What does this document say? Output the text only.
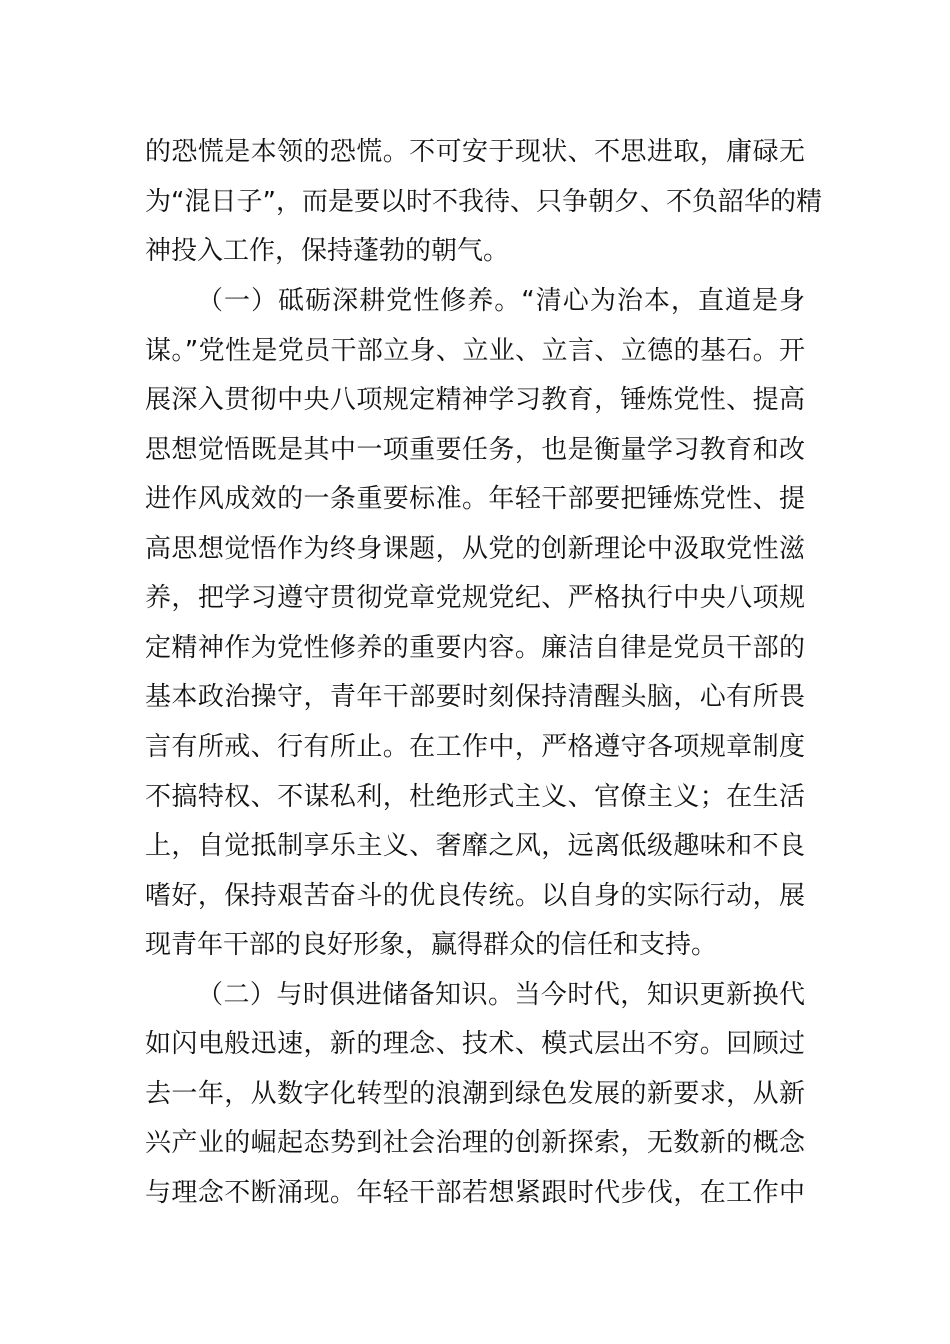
的恐慌是本领的恐慌。不可安于现状、不思进取，庸碌无
为“混日子”，而是要以时不我待、只争朝夕、不负韶华的精
神投入工作，保持蓬勃的朝气。
（一）砥砺深耕党性修养。“清心为治本，直道是身
谋。”党性是党员干部立身、立业、立言、立德的基石。开
展深入贯彻中央八项规定精神学习教育，锤炼党性、提高
思想觉悟既是其中一项重要任务，也是衡量学习教育和改
进作风成效的一条重要标准。年轻干部要把锤炼党性、提
高思想觉悟作为终身课题，从党的创新理论中汲取党性滋
养，把学习遵守贯彻党章党规党纪、严格执行中央八项规
定精神作为党性修养的重要内容。廉洁自律是党员干部的
基本政治操守，青年干部要时刻保持清醒头脑，心有所畏
言有所戒、行有所止。在工作中，严格遵守各项规章制度
不搞特权、不谋私利，杜绝形式主义、官僚主义；在生活
上，自觉抵制享乐主义、奢靡之风，远离低级趣味和不良
嗜好，保持艰苦奋斗的优良传统。以自身的实际行动，展
现青年干部的良好形象，赢得群众的信任和支持。
（二）与时俱进储备知识。当今时代，知识更新换代
如闪电般迅速，新的理念、技术、模式层出不穷。回顾过
去一年，从数字化转型的浪潮到绿色发展的新要求，从新
兴产业的崛起态势到社会治理的创新探索，无数新的概念
与理念不断涌现。年轻干部若想紧跟时代步伐，在工作中
